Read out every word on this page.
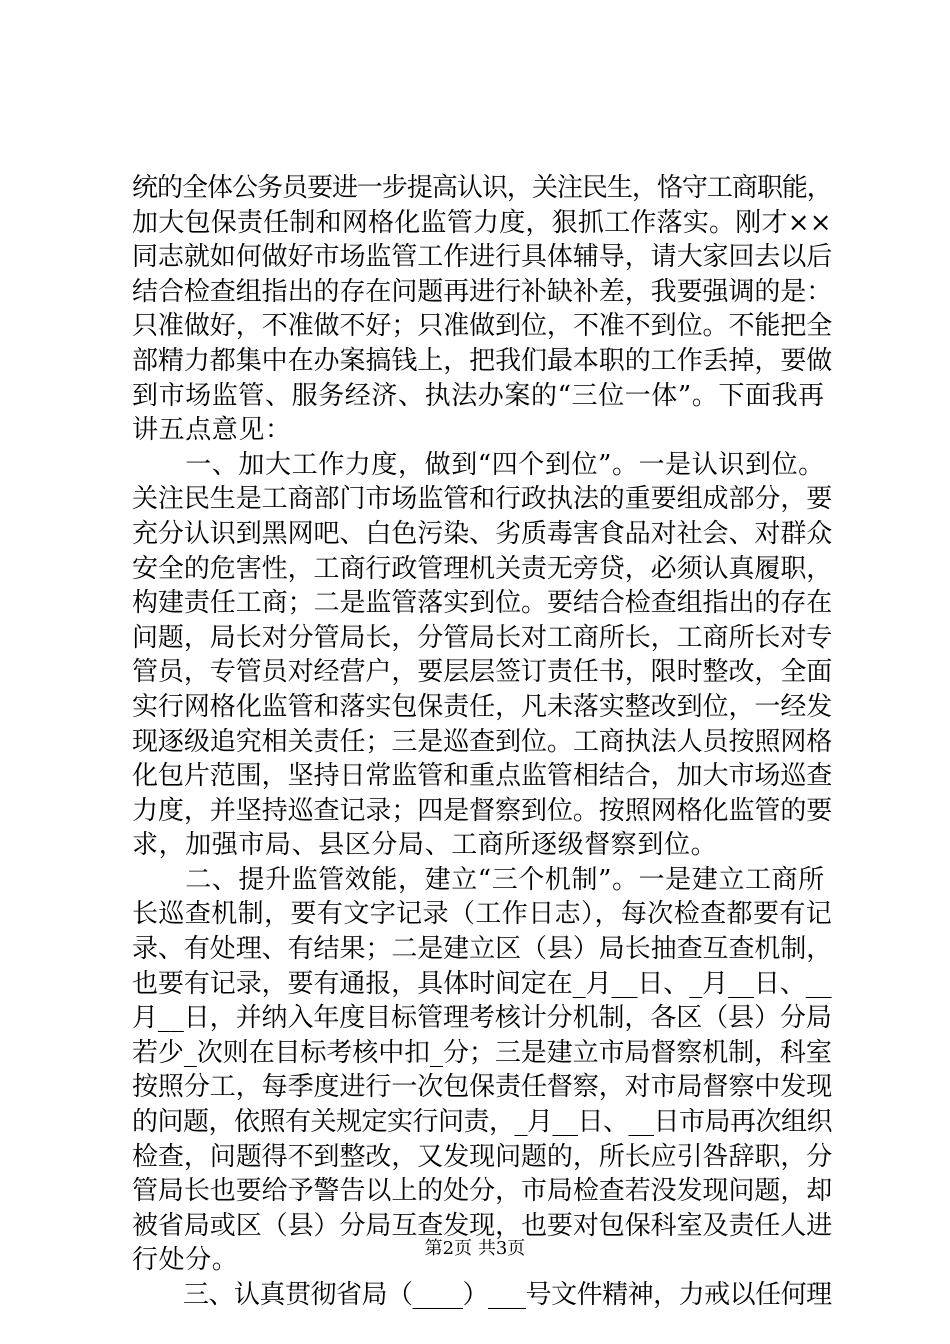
统的全体公务员要进一步提高认识，关注民生，恪守工商职能，
加大包保责任制和网格化监管力度，狠抓工作落实。刚才××
同志就如何做好市场监管工作进行具体辅导，请大家回去以后
结合检查组指出的存在问题再进行补缺补差，我要强调的是：
只准做好，不准做不好；只准做到位，不准不到位。不能把全
部精力都集中在办案搞钱上，把我们最本职的工作丢掉，要做
到市场监管、服务经济、执法办案的“三位一体”。下面我再
讲五点意见：
　　一、加大工作力度，做到“四个到位”。一是认识到位。
关注民生是工商部门市场监管和行政执法的重要组成部分，要
充分认识到黑网吧、白色污染、劣质毒害食品对社会、对群众
安全的危害性，工商行政管理机关责无旁贷，必须认真履职，
构建责任工商；二是监管落实到位。要结合检查组指出的存在
问题，局长对分管局长，分管局长对工商所长，工商所长对专
管员，专管员对经营户，要层层签订责任书，限时整改，全面
实行网格化监管和落实包保责任，凡未落实整改到位，一经发
现逐级追究相关责任；三是巡查到位。工商执法人员按照网格
化包片范围，坚持日常监管和重点监管相结合，加大市场巡查
力度，并坚持巡查记录；四是督察到位。按照网格化监管的要
求，加强市局、县区分局、工商所逐级督察到位。
　　二、提升监管效能，建立“三个机制”。一是建立工商所
长巡查机制，要有文字记录（工作日志），每次检查都要有记
录、有处理、有结果；二是建立区（县）局长抽查互查机制，
也要有记录，要有通报，具体时间定在_月__日、_月__日、__
月__日，并纳入年度目标管理考核计分机制，各区（县）分局
若少_次则在目标考核中扣_分；三是建立市局督察机制，科室
按照分工，每季度进行一次包保责任督察，对市局督察中发现
的问题，依照有关规定实行问责，_月__日、__日市局再次组织
检查，问题得不到整改，又发现问题的，所长应引咎辞职，分
管局长也要给予警告以上的处分，市局检查若没发现问题，却
被省局或区（县）分局互查发现，也要对包保科室及责任人进
行处分。
　　三、认真贯彻省局（____）___号文件精神，力戒以任何理
第2页 共3页
